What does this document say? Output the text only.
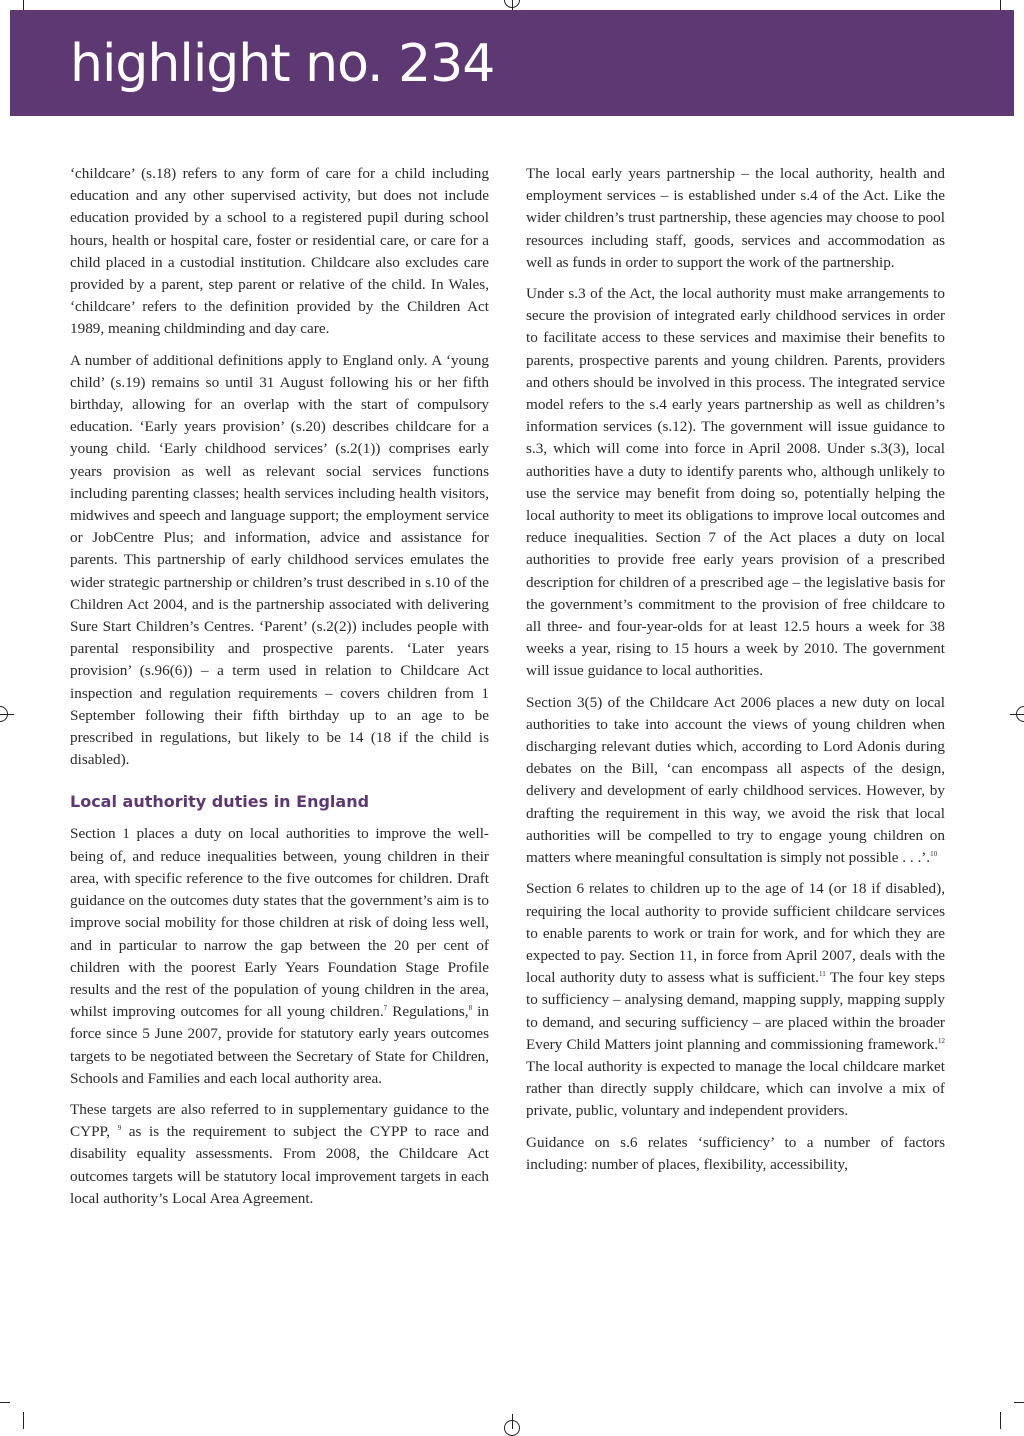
highlight no. 234

‘childcare’ (s.18) refers to any form of care for a child including education and any other supervised activity, but does not include education provided by a school to a registered pupil during school hours, health or hospital care, foster or residential care, or care for a child placed in a custodial institution. Childcare also excludes care provided by a parent, step parent or relative of the child. In Wales, ‘childcare’ refers to the definition provided by the Children Act 1989, meaning childminding and day care.

A number of additional definitions apply to England only. A ‘young child’ (s.19) remains so until 31 August following his or her fifth birthday, allowing for an overlap with the start of compulsory education. ‘Early years provision’ (s.20) describes childcare for a young child. ‘Early childhood services’ (s.2(1)) comprises early years provision as well as relevant social services functions including parenting classes; health services including health visitors, midwives and speech and language support; the employment service or JobCentre Plus; and information, advice and assistance for parents. This partnership of early childhood services emulates the wider strategic partnership or children’s trust described in s.10 of the Children Act 2004, and is the partnership associated with delivering Sure Start Children’s Centres. ‘Parent’ (s.2(2)) includes people with parental responsibility and prospective parents. ‘Later years provision’ (s.96(6)) – a term used in relation to Childcare Act inspection and regulation requirements – covers children from 1 September following their fifth birthday up to an age to be prescribed in regulations, but likely to be 14 (18 if the child is disabled).

Local authority duties in England

Section 1 places a duty on local authorities to improve the well-being of, and reduce inequalities between, young children in their area, with specific reference to the five outcomes for children. Draft guidance on the outcomes duty states that the government’s aim is to improve social mobility for those children at risk of doing less well, and in particular to narrow the gap between the 20 per cent of children with the poorest Early Years Foundation Stage Profile results and the rest of the population of young children in the area, whilst improving outcomes for all young children.$^7$ Regulations,$^8$ in force since 5 June 2007, provide for statutory early years outcomes targets to be negotiated between the Secretary of State for Children, Schools and Families and each local authority area.

These targets are also referred to in supplementary guidance to the CYPP, $^9$ as is the requirement to subject the CYPP to race and disability equality assessments. From 2008, the Childcare Act outcomes targets will be statutory local improvement targets in each local authority’s Local Area Agreement.

The local early years partnership – the local authority, health and employment services – is established under s.4 of the Act. Like the wider children’s trust partnership, these agencies may choose to pool resources including staff, goods, services and accommodation as well as funds in order to support the work of the partnership.

Under s.3 of the Act, the local authority must make arrangements to secure the provision of integrated early childhood services in order to facilitate access to these services and maximise their benefits to parents, prospective parents and young children. Parents, providers and others should be involved in this process. The integrated service model refers to the s.4 early years partnership as well as children’s information services (s.12). The government will issue guidance to s.3, which will come into force in April 2008. Under s.3(3), local authorities have a duty to identify parents who, although unlikely to use the service may benefit from doing so, potentially helping the local authority to meet its obligations to improve local outcomes and reduce inequalities. Section 7 of the Act places a duty on local authorities to provide free early years provision of a prescribed description for children of a prescribed age – the legislative basis for the government’s commitment to the provision of free childcare to all three- and four-year-olds for at least 12.5 hours a week for 38 weeks a year, rising to 15 hours a week by 2010. The government will issue guidance to local authorities.

Section 3(5) of the Childcare Act 2006 places a new duty on local authorities to take into account the views of young children when discharging relevant duties which, according to Lord Adonis during debates on the Bill, ‘can encompass all aspects of the design, delivery and development of early childhood services. However, by drafting the requirement in this way, we avoid the risk that local authorities will be compelled to try to engage young children on matters where meaningful consultation is simply not possible . . .’.$^{10}$

Section 6 relates to children up to the age of 14 (or 18 if disabled), requiring the local authority to provide sufficient childcare services to enable parents to work or train for work, and for which they are expected to pay. Section 11, in force from April 2007, deals with the local authority duty to assess what is sufficient.$^{11}$ The four key steps to sufficiency – analysing demand, mapping supply, mapping supply to demand, and securing sufficiency – are placed within the broader Every Child Matters joint planning and commissioning framework.$^{12}$ The local authority is expected to manage the local childcare market rather than directly supply childcare, which can involve a mix of private, public, voluntary and independent providers.

Guidance on s.6 relates ‘sufficiency’ to a number of factors including: number of places, flexibility, accessibility,
